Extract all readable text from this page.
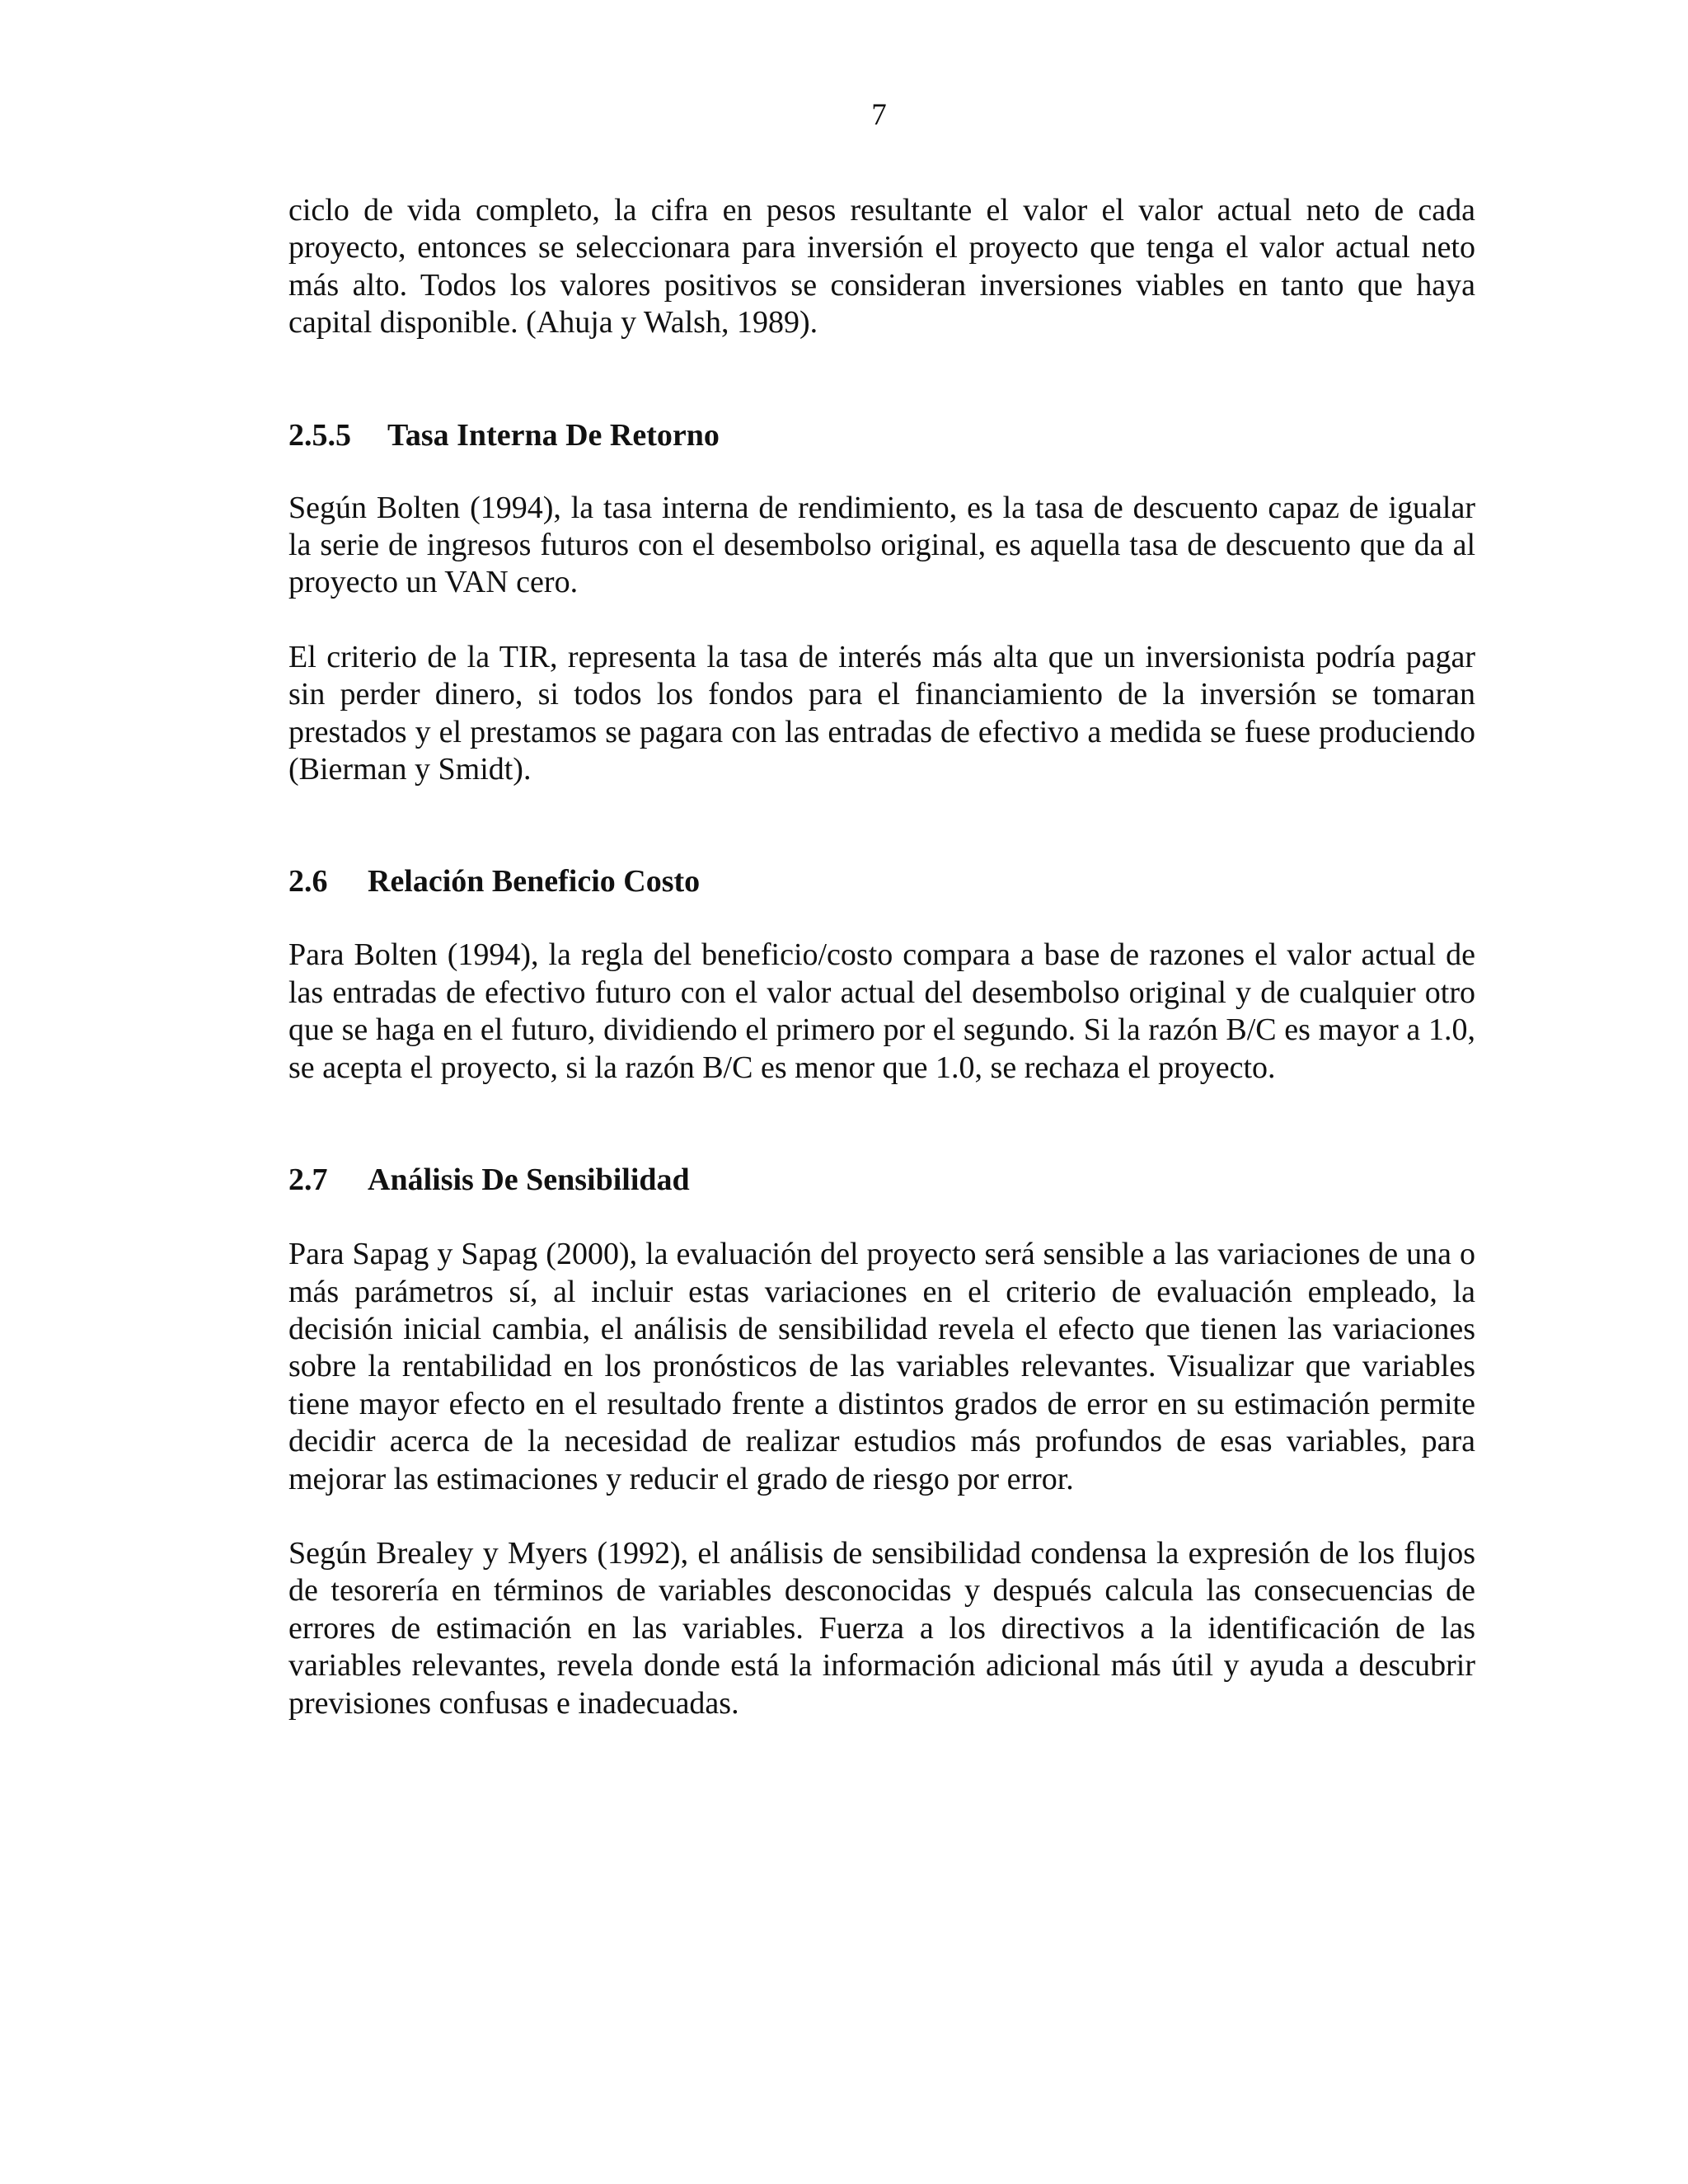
7

ciclo de vida completo, la cifra en pesos resultante el valor el valor actual neto de cada proyecto, entonces se seleccionara para inversión el proyecto que tenga el valor actual neto más alto. Todos los valores positivos se consideran inversiones viables en tanto que haya capital disponible. (Ahuja y Walsh, 1989).

2.5.5 Tasa Interna De Retorno

Según Bolten (1994), la tasa interna de rendimiento, es la tasa de descuento capaz de igualar la serie de ingresos futuros con el desembolso original, es aquella tasa de descuento que da al proyecto un VAN cero.

El criterio de la TIR, representa la tasa de interés más alta que un inversionista podría pagar sin perder dinero, si todos los fondos para el financiamiento de la inversión se tomaran prestados y el prestamos se pagara con las entradas de efectivo a medida se fuese produciendo (Bierman y Smidt).

2.6 Relación Beneficio Costo

Para Bolten (1994), la regla del beneficio/costo compara a base de razones el valor actual de las entradas de efectivo futuro con el valor actual del desembolso original y de cualquier otro que se haga en el futuro, dividiendo el primero por el segundo. Si la razón B/C es mayor a 1.0, se acepta el proyecto, si la razón B/C es menor que 1.0, se rechaza el proyecto.

2.7 Análisis De Sensibilidad

Para Sapag y Sapag (2000), la evaluación del proyecto será sensible a las variaciones de una o más parámetros sí, al incluir estas variaciones en el criterio de evaluación empleado, la decisión inicial cambia, el análisis de sensibilidad revela el efecto que tienen las variaciones sobre la rentabilidad en los pronósticos de las variables relevantes. Visualizar que variables tiene mayor efecto en el resultado frente a distintos grados de error en su estimación permite decidir acerca de la necesidad de realizar estudios más profundos de esas variables, para mejorar las estimaciones y reducir el grado de riesgo por error.

Según Brealey y Myers (1992), el análisis de sensibilidad condensa la expresión de los flujos de tesorería en términos de variables desconocidas y después calcula las consecuencias de errores de estimación en las variables. Fuerza a los directivos a la identificación de las variables relevantes, revela donde está la información adicional más útil y ayuda a descubrir previsiones confusas e inadecuadas.
